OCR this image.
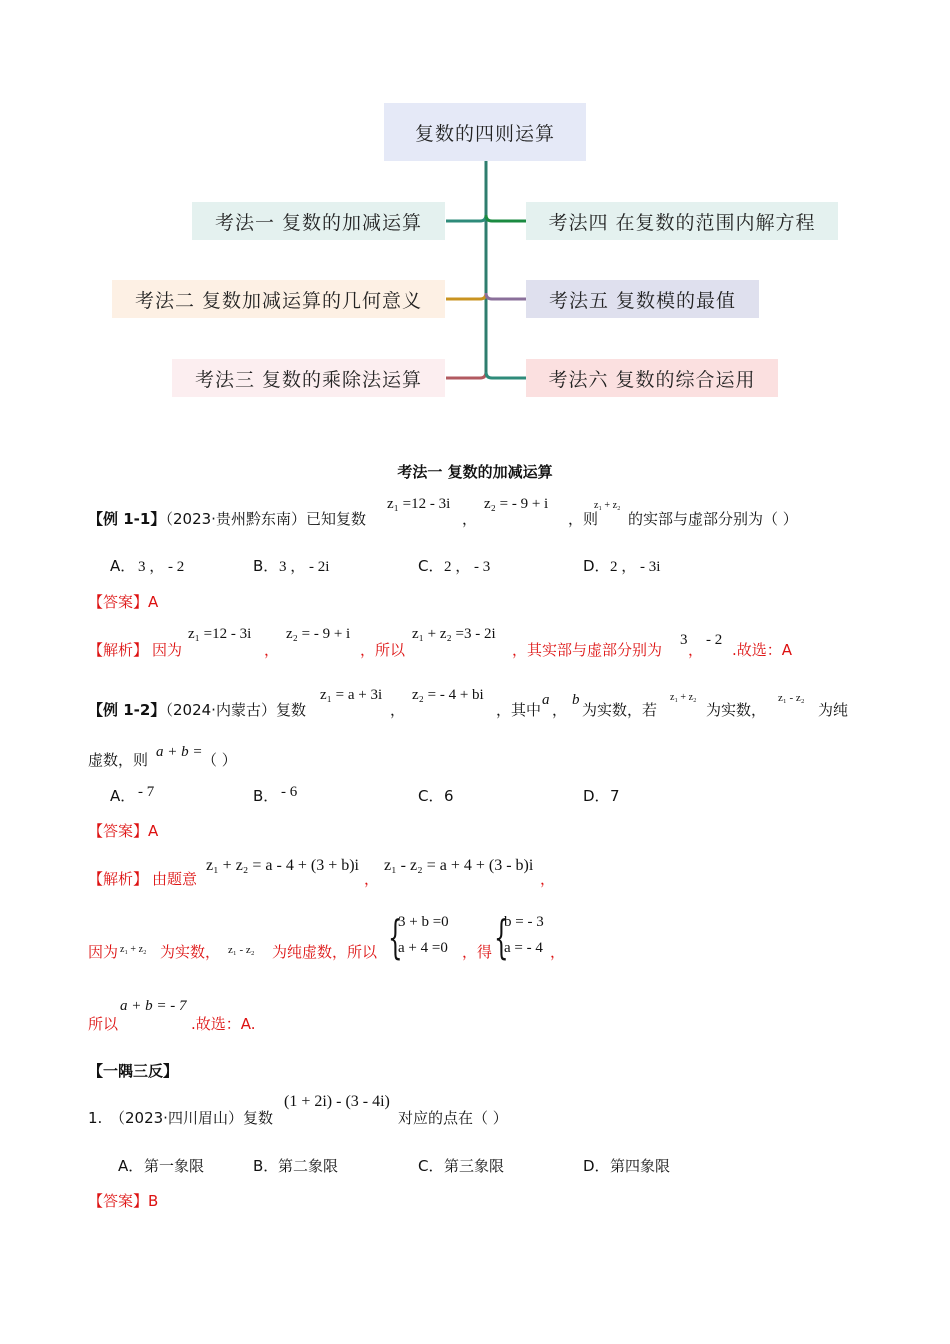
复数的四则运算
考法一 复数的加减运算
考法二 复数加减运算的几何意义
考法三 复数的乘除法运算
考法四 在复数的范围内解方程
考法五 复数模的最值
考法六 复数的综合运用
考法一 复数的加减运算
【例 1-1】
（2023·贵州黔东南）已知复数
z₁ =12 - 3i
，
z₂ = - 9 + i
，则
z₁ + z₂
的实部与虚部分别为（ ）
A． 3 ， - 2	B． 3 ， - 2i	C． 2 ， - 3	D． 2 ， - 3i
【答案】A
【解析】 因为
z₁ =12 - 3i
，
z₂ = - 9 + i
，所以
z₁ + z₂ =3 - 2i
，其实部与虚部分别为
3
，
- 2
.故选：A
【例 1-2】
（2024·内蒙古）复数
z₁ = a + 3i
，
z₂ = - 4 + bi
，其中
a
，
b
为实数，若
z₁ + z₂
为实数，
z₁ - z₂
为纯
虚数，则 a + b = （ ）
A． - 7	B． - 6	C． 6	D． 7
【答案】A
【解析】 由题意
z₁ + z₂ = a - 4 + (3 + b)i
，
z₁ - z₂ = a + 4 + (3 - b)i
，
因为 z₁ + z₂ 为实数， z₁ - z₂ 为纯虚数，所以 {
3 + b =0
a + 4 =0 ，得 {
b = - 3
a = - 4 ，
a + b = - 7
所以	.故选：A.
【一隅三反】
1. （2023·四川眉山）复数
(1 + 2i) - (3 - 4i)
对应的点在（ ）
A． 第一象限	B． 第二象限	C． 第三象限	D． 第四象限
【答案】B
